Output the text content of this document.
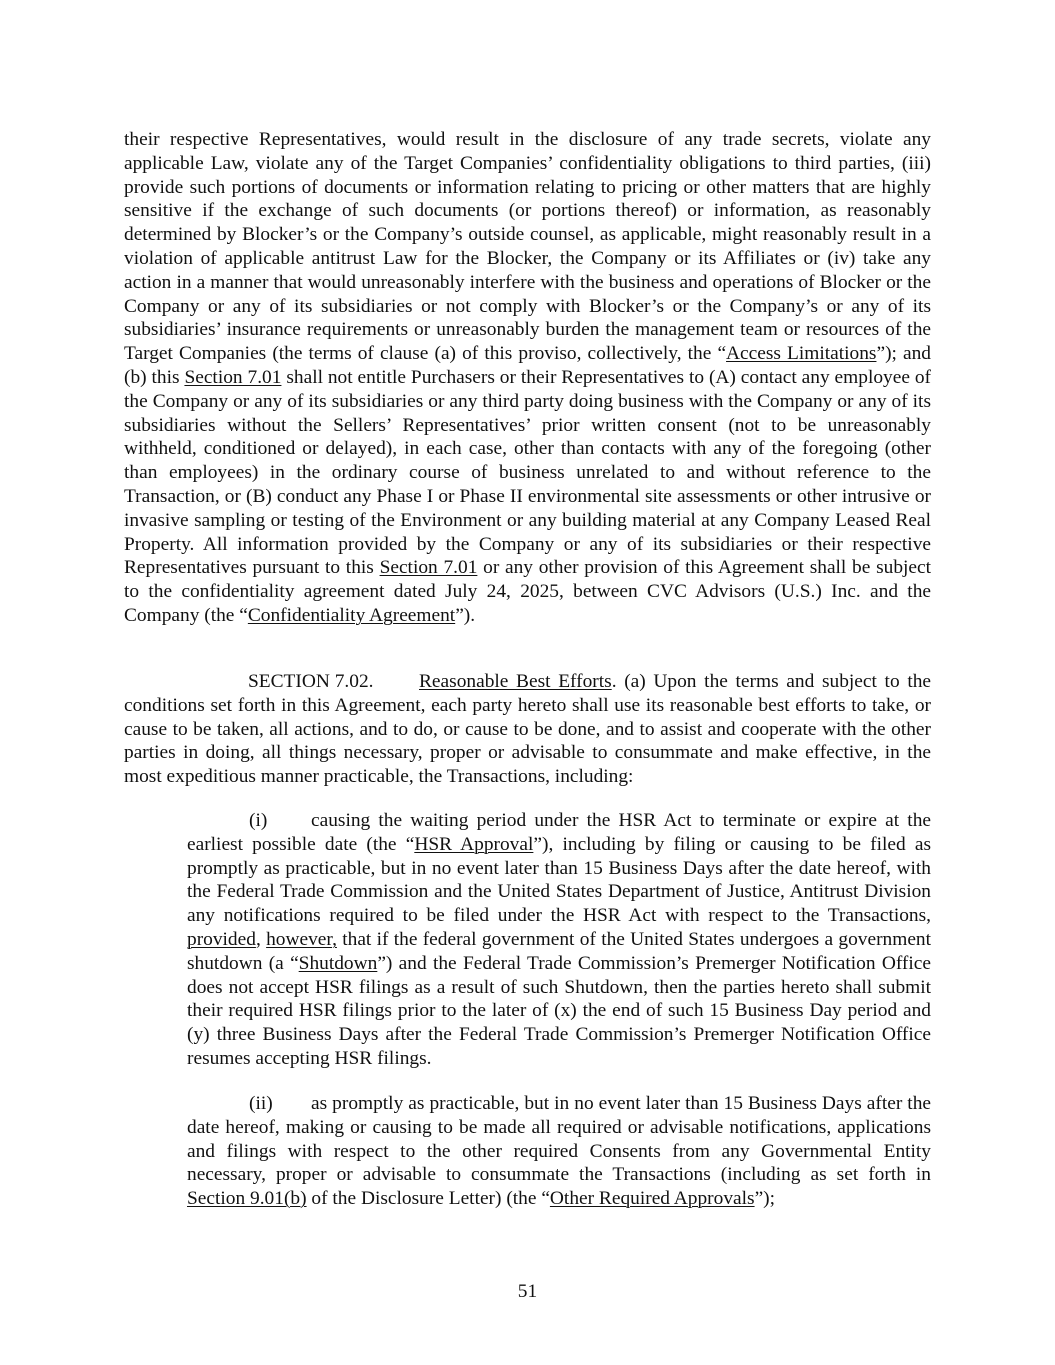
their respective Representatives, would result in the disclosure of any trade secrets, violate any applicable Law, violate any of the Target Companies’ confidentiality obligations to third parties, (iii) provide such portions of documents or information relating to pricing or other matters that are highly sensitive if the exchange of such documents (or portions thereof) or information, as reasonably determined by Blocker’s or the Company’s outside counsel, as applicable, might reasonably result in a violation of applicable antitrust Law for the Blocker, the Company or its Affiliates or (iv) take any action in a manner that would unreasonably interfere with the business and operations of Blocker or the Company or any of its subsidiaries or not comply with Blocker’s or the Company’s or any of its subsidiaries’ insurance requirements or unreasonably burden the management team or resources of the Target Companies (the terms of clause (a) of this proviso, collectively, the “Access Limitations”); and (b) this Section 7.01 shall not entitle Purchasers or their Representatives to (A) contact any employee of the Company or any of its subsidiaries or any third party doing business with the Company or any of its subsidiaries without the Sellers’ Representatives’ prior written consent (not to be unreasonably withheld, conditioned or delayed), in each case, other than contacts with any of the foregoing (other than employees) in the ordinary course of business unrelated to and without reference to the Transaction, or (B) conduct any Phase I or Phase II environmental site assessments or other intrusive or invasive sampling or testing of the Environment or any building material at any Company Leased Real Property. All information provided by the Company or any of its subsidiaries or their respective Representatives pursuant to this Section 7.01 or any other provision of this Agreement shall be subject to the confidentiality agreement dated July 24, 2025, between CVC Advisors (U.S.) Inc. and the Company (the “Confidentiality Agreement”).

SECTION 7.02. Reasonable Best Efforts. (a) Upon the terms and subject to the conditions set forth in this Agreement, each party hereto shall use its reasonable best efforts to take, or cause to be taken, all actions, and to do, or cause to be done, and to assist and cooperate with the other parties in doing, all things necessary, proper or advisable to consummate and make effective, in the most expeditious manner practicable, the Transactions, including:

(i) causing the waiting period under the HSR Act to terminate or expire at the earliest possible date (the “HSR Approval”), including by filing or causing to be filed as promptly as practicable, but in no event later than 15 Business Days after the date hereof, with the Federal Trade Commission and the United States Department of Justice, Antitrust Division any notifications required to be filed under the HSR Act with respect to the Transactions, provided, however, that if the federal government of the United States undergoes a government shutdown (a “Shutdown”) and the Federal Trade Commission’s Premerger Notification Office does not accept HSR filings as a result of such Shutdown, then the parties hereto shall submit their required HSR filings prior to the later of (x) the end of such 15 Business Day period and (y) three Business Days after the Federal Trade Commission’s Premerger Notification Office resumes accepting HSR filings.

(ii) as promptly as practicable, but in no event later than 15 Business Days after the date hereof, making or causing to be made all required or advisable notifications, applications and filings with respect to the other required Consents from any Governmental Entity necessary, proper or advisable to consummate the Transactions (including as set forth in Section 9.01(b) of the Disclosure Letter) (the “Other Required Approvals”);

51
